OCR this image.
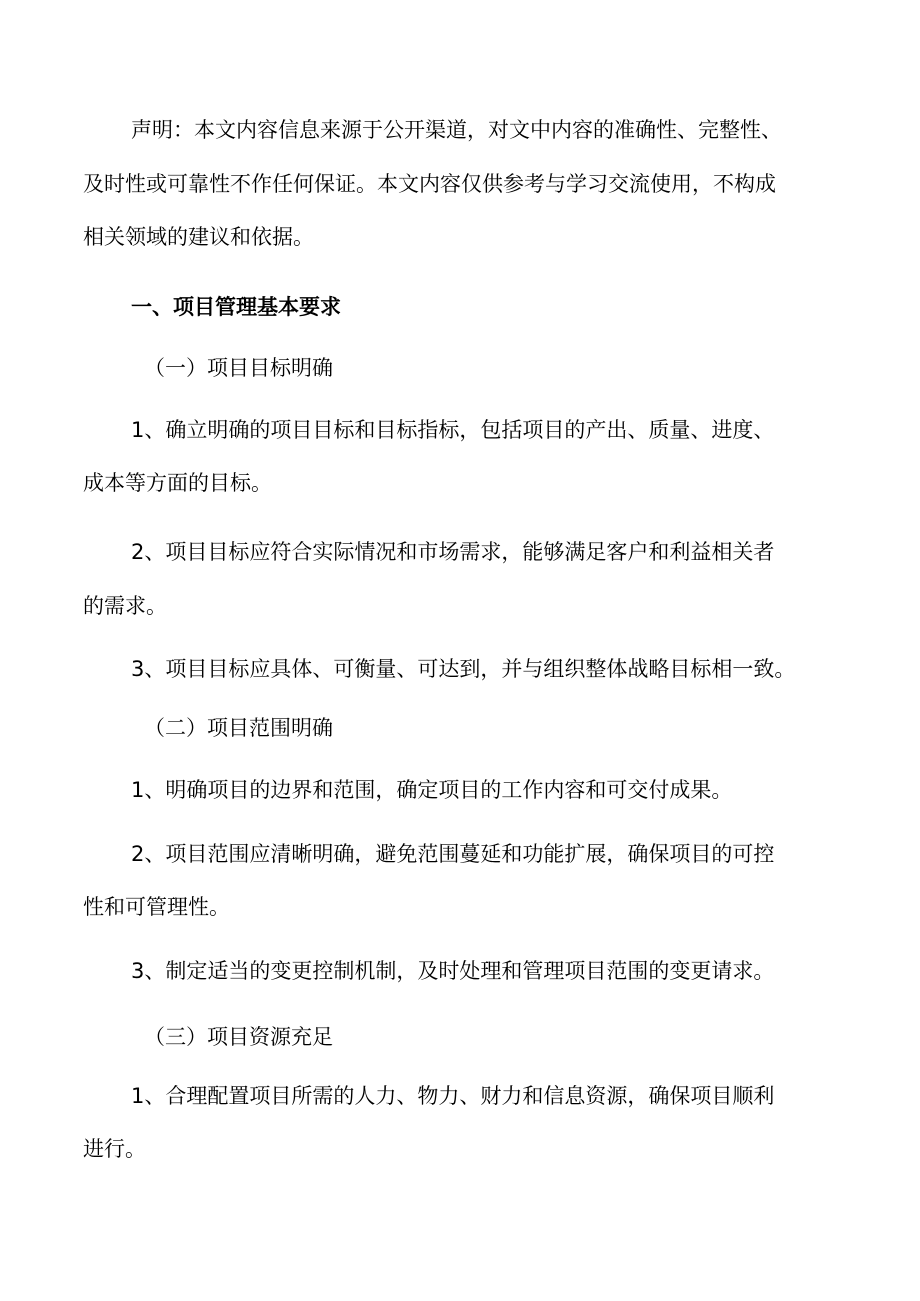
声明：本文内容信息来源于公开渠道，对文中内容的准确性、完整性、

及时性或可靠性不作任何保证。本文内容仅供参考与学习交流使用，不构成

相关领域的建议和依据。

一、项目管理基本要求

（一）项目目标明确

1、确立明确的项目目标和目标指标，包括项目的产出、质量、进度、

成本等方面的目标。

2、项目目标应符合实际情况和市场需求，能够满足客户和利益相关者

的需求。

3、项目目标应具体、可衡量、可达到，并与组织整体战略目标相一致。

（二）项目范围明确

1、明确项目的边界和范围，确定项目的工作内容和可交付成果。

2、项目范围应清晰明确，避免范围蔓延和功能扩展，确保项目的可控

性和可管理性。

3、制定适当的变更控制机制，及时处理和管理项目范围的变更请求。

（三）项目资源充足

1、合理配置项目所需的人力、物力、财力和信息资源，确保项目顺利

进行。
